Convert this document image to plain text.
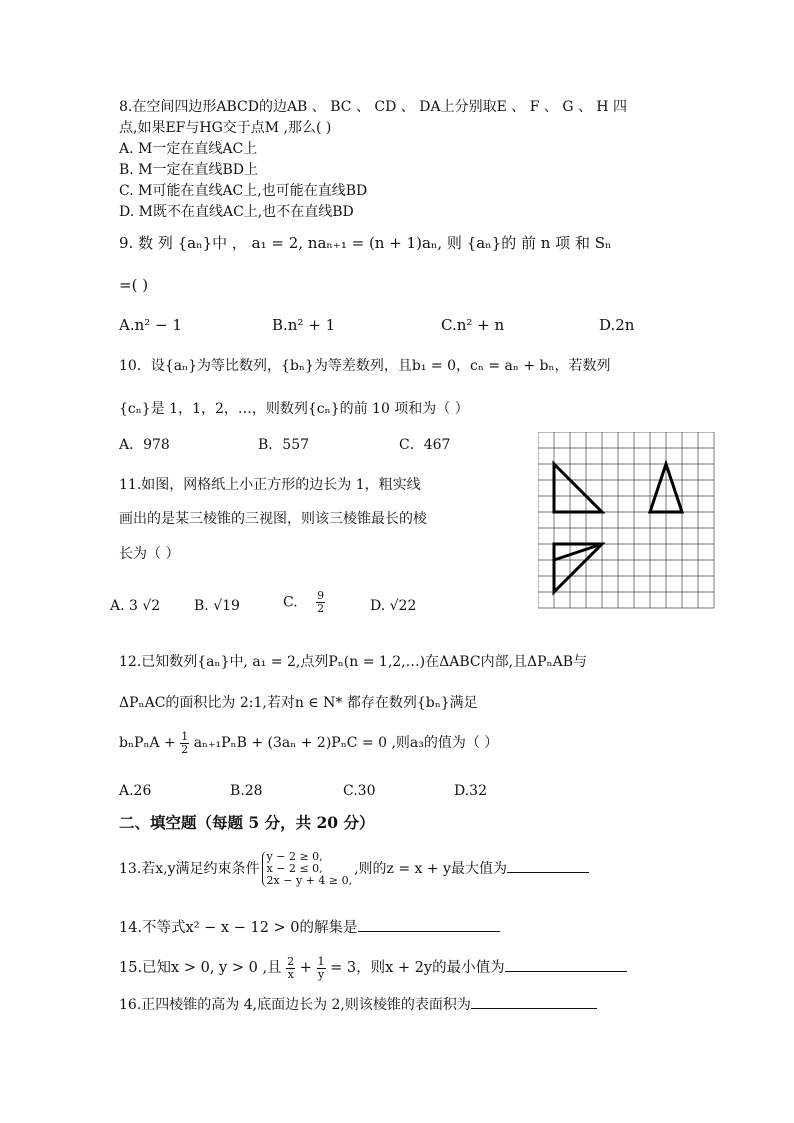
8.在空间四边形ABCD的边AB 、 BC 、 CD 、 DA上分别取E 、 F 、 G 、 H 四
点,如果EF与HG交于点M ,那么( )
A. M一定在直线AC上
B. M一定在直线BD上
C. M可能在直线AC上,也可能在直线BD
D. M既不在直线AC上,也不在直线BD
9. 数 列 {aₙ}中 ， a₁ = 2, naₙ₊₁ = (n + 1)aₙ, 则 {aₙ}的 前 n 项 和 Sₙ
=( )
A.n² − 1	B.n² + 1	C.n² + n	D.2n
10．设{aₙ}为等比数列，{bₙ}为等差数列，且b₁ = 0，cₙ = aₙ + bₙ，若数列
{cₙ}是 1，1，2，…，则数列{cₙ}的前 10 项和为（ ）
A．978	B．557	C．467
11.如图，网格纸上小正方形的边长为 1，粗实线
画出的是某三棱锥的三视图，则该三棱锥最长的棱
长为（ ）
A. 3 √2 B. √19	C. $\frac{9}{2}$	D. √22
12.已知数列{aₙ}中, a₁ = 2,点列Pₙ(n = 1,2,…)在ΔABC内部,且ΔPₙAB与
ΔPₙAC的面积比为 2:1,若对n ∈ N* 都存在数列{bₙ}满足
$b_nP_nA + \frac{1}{2} a_{n+1}P_nB + (3a_n + 2)P_nC = 0$ ,则a₃的值为（ ）
A.26	B.28	C.30	D.32
二、填空题（每题 5 分，共 20 分）
13.若x,y满足约束条件
y − 2 ≥ 0,
x − 2 ≤ 0,
2x − y + 4 ≥ 0,
,则的z = x + y最大值为
14.不等式x² − x − 12 > 0的解集是
15.已知x > 0, y > 0 ,且 $\frac{2}{x} + \frac{1}{y} = 3$，则x + 2y的最小值为
16.正四棱锥的高为 4,底面边长为 2,则该棱锥的表面积为
